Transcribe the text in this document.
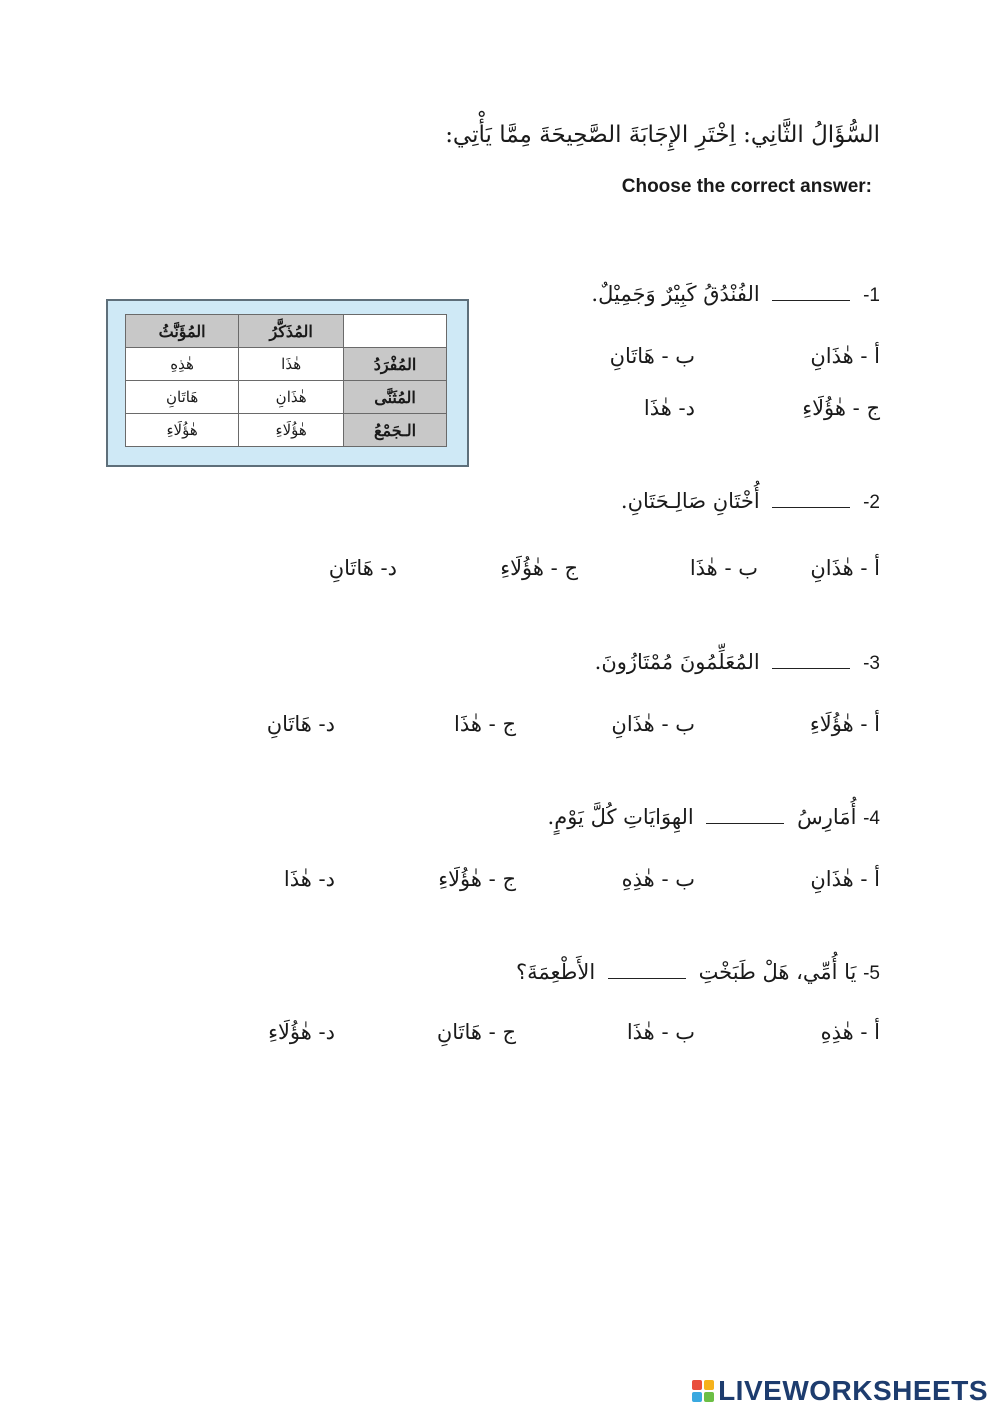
السُّؤَالُ الثَّانِي: اِخْتَرِ الإِجَابَةَ الصَّحِيحَةَ مِمَّا يَأْتِي:
Choose the correct answer:
المُؤَنَّثُ	المُذَكَّرُ	
هٰذِهِ	هٰذَا	المُفْرَدُ
هَاتَانِ	هٰذَانِ	المُثَنَّى
هٰؤُلَاءِ	هٰؤُلَاءِ	الـجَمْعُ
1-  الفُنْدُقُ كَبِيْرٌ وَجَمِيْلٌ.
أ - هٰذَانِ
ب - هَاتَانِ
ج - هٰؤُلَاءِ
د- هٰذَا
2-  أُخْتَانِ صَالِـحَتَانِ.
أ - هٰذَانِ
ب - هٰذَا
ج - هٰؤُلَاءِ
د- هَاتَانِ
3-  المُعَلِّمُونَ مُمْتَازُونَ.
أ - هٰؤُلَاءِ
ب - هٰذَانِ
ج - هٰذَا
د- هَاتَانِ
4- أُمَارِسُ  الهِوَايَاتِ كُلَّ يَوْمٍ.
أ - هٰذَانِ
ب - هٰذِهِ
ج - هٰؤُلَاءِ
د- هٰذَا
5- يَا أُمِّي، هَلْ طَبَخْتِ  الأَطْعِمَةَ؟
أ - هٰذِهِ
ب - هٰذَا
ج - هَاتَانِ
د- هٰؤُلَاءِ
LIVEWORKSHEETS
